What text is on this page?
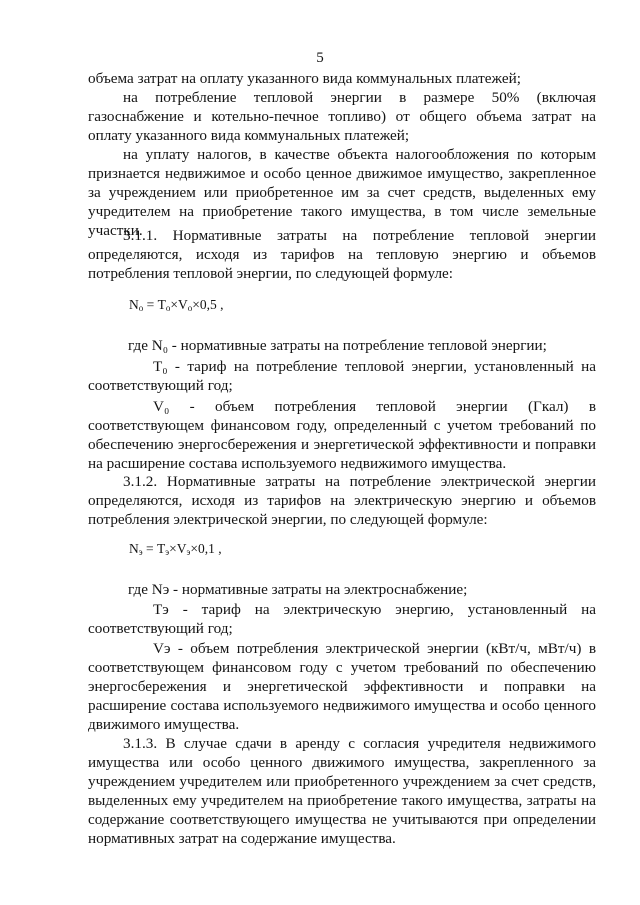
5
объема затрат на оплату указанного вида коммунальных платежей;
на потребление тепловой энергии в размере 50% (включая
газоснабжение и котельно-печное топливо) от общего объема затрат на
оплату указанного вида коммунальных платежей;
на уплату налогов, в качестве объекта налогообложения по которым
признается недвижимое и особо ценное движимое имущество, закрепленное
за учреждением или приобретенное им за счет средств, выделенных ему
учредителем на приобретение такого имущества, в том числе земельные
участки.
3.1.1. Нормативные затраты на потребление тепловой энергии
определяются, исходя из тарифов на тепловую энергию и объемов
потребления тепловой энергии, по следующей формуле:
$N_о = T_о\times V_о\times 0,5$ ,
где N₀ - нормативные затраты на потребление тепловой энергии;
T₀ - тариф на потребление тепловой энергии, установленный на
соответствующий год;
V₀ - объем потребления тепловой энергии (Гкал) в
соответствующем финансовом году, определенный с учетом требований по
обеспечению энергосбережения и энергетической эффективности и поправки
на расширение состава используемого недвижимого имущества.
3.1.2. Нормативные затраты на потребление электрической энергии
определяются, исходя из тарифов на электрическую энергию и объемов
потребления электрической энергии, по следующей формуле:
$N_э = T_э\times V_э\times 0,1$ ,
где Nэ - нормативные затраты на электроснабжение;
Tэ - тариф на электрическую энергию, установленный на
соответствующий год;
Vэ - объем потребления электрической энергии (кВт/ч, мВт/ч) в
соответствующем финансовом году с учетом требований по обеспечению
энергосбережения и энергетической эффективности и поправки на
расширение состава используемого недвижимого имущества и особо ценного
движимого имущества.
3.1.3. В случае сдачи в аренду с согласия учредителя недвижимого
имущества или особо ценного движимого имущества, закрепленного за
учреждением учредителем или приобретенного учреждением за счет средств,
выделенных ему учредителем на приобретение такого имущества, затраты на
содержание соответствующего имущества не учитываются при определении
нормативных затрат на содержание имущества.
